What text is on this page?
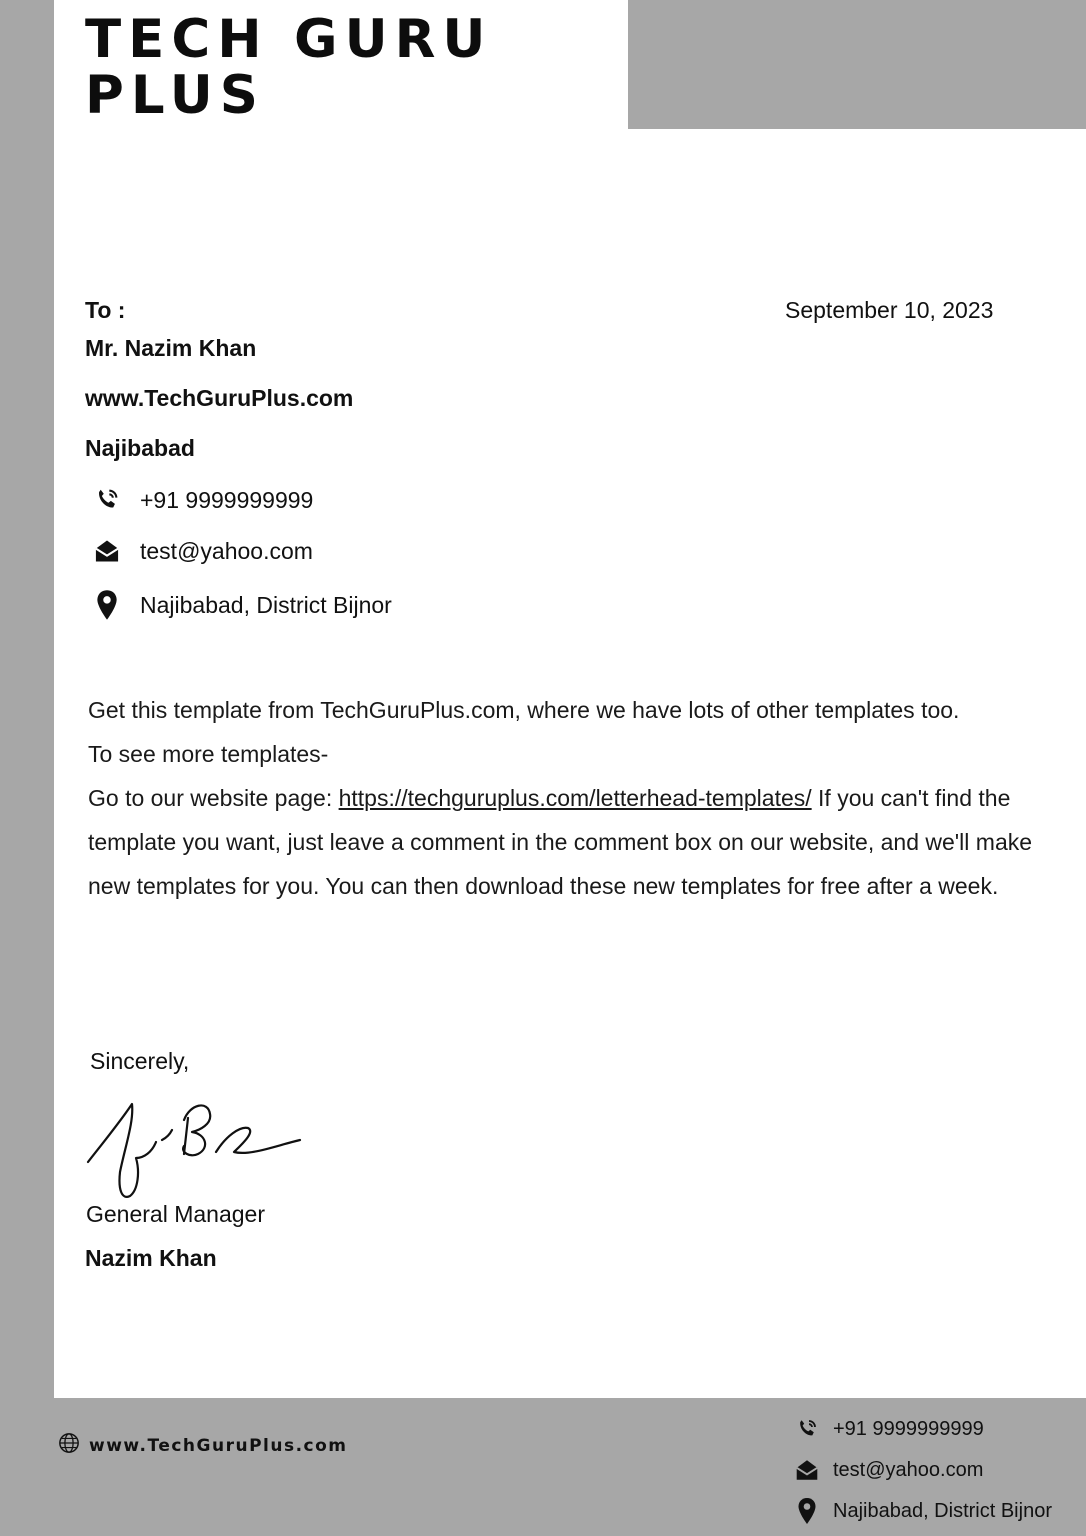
TECH GURU
PLUS
To :	September 10, 2023
Mr. Nazim Khan
www.TechGuruPlus.com
Najibabad
+91 9999999999
test@yahoo.com
Najibabad, District Bijnor

Get this template from TechGuruPlus.com, where we have lots of other templates too.

To see more templates-

Go to our website page: https://techguruplus.com/letterhead-templates/ If you can't find the template you want, just leave a comment in the comment box on our website, and we'll make new templates for you. You can then download these new templates for free after a week.

Sincerely,
General Manager
Nazim Khan
www.TechGuruPlus.com
+91 9999999999
test@yahoo.com
Najibabad, District Bijnor
